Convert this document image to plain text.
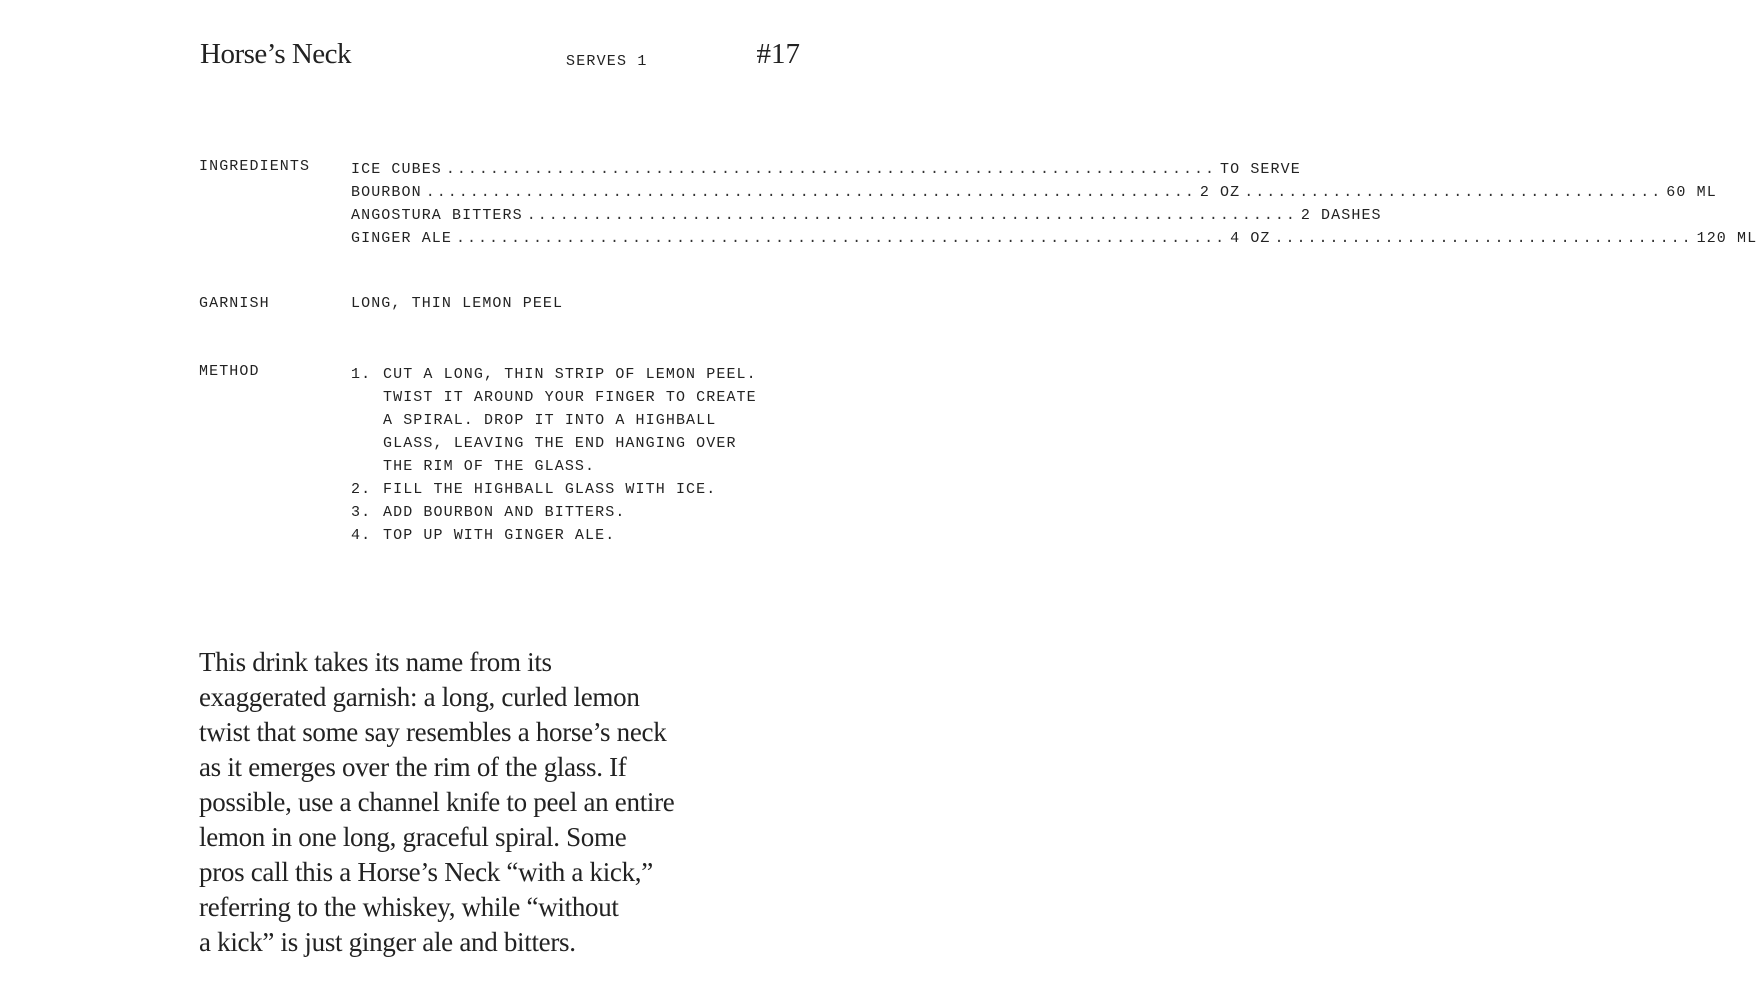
Horse’s Neck	SERVES 1	#17
INGREDIENTS	ICE CUBES ...................................................................... TO SERVE
BOURBON ...................................................................... 2 OZ ...................................... 60 ML
ANGOSTURA BITTERS ...................................................................... 2 DASHES
GINGER ALE ...................................................................... 4 OZ ...................................... 120 ML
GARNISH	LONG, THIN LEMON PEEL
METHOD	1. CUT A LONG, THIN STRIP OF LEMON PEEL.
TWIST IT AROUND YOUR FINGER TO CREATE
A SPIRAL. DROP IT INTO A HIGHBALL
GLASS, LEAVING THE END HANGING OVER
THE RIM OF THE GLASS.
2. FILL THE HIGHBALL GLASS WITH ICE.
3. ADD BOURBON AND BITTERS.
4. TOP UP WITH GINGER ALE.

This drink takes its name from its
exaggerated garnish: a long, curled lemon
twist that some say resembles a horse’s neck
as it emerges over the rim of the glass. If
possible, use a channel knife to peel an entire
lemon in one long, graceful spiral. Some
pros call this a Horse’s Neck “with a kick,”
referring to the whiskey, while “without
a kick” is just ginger ale and bitters.
